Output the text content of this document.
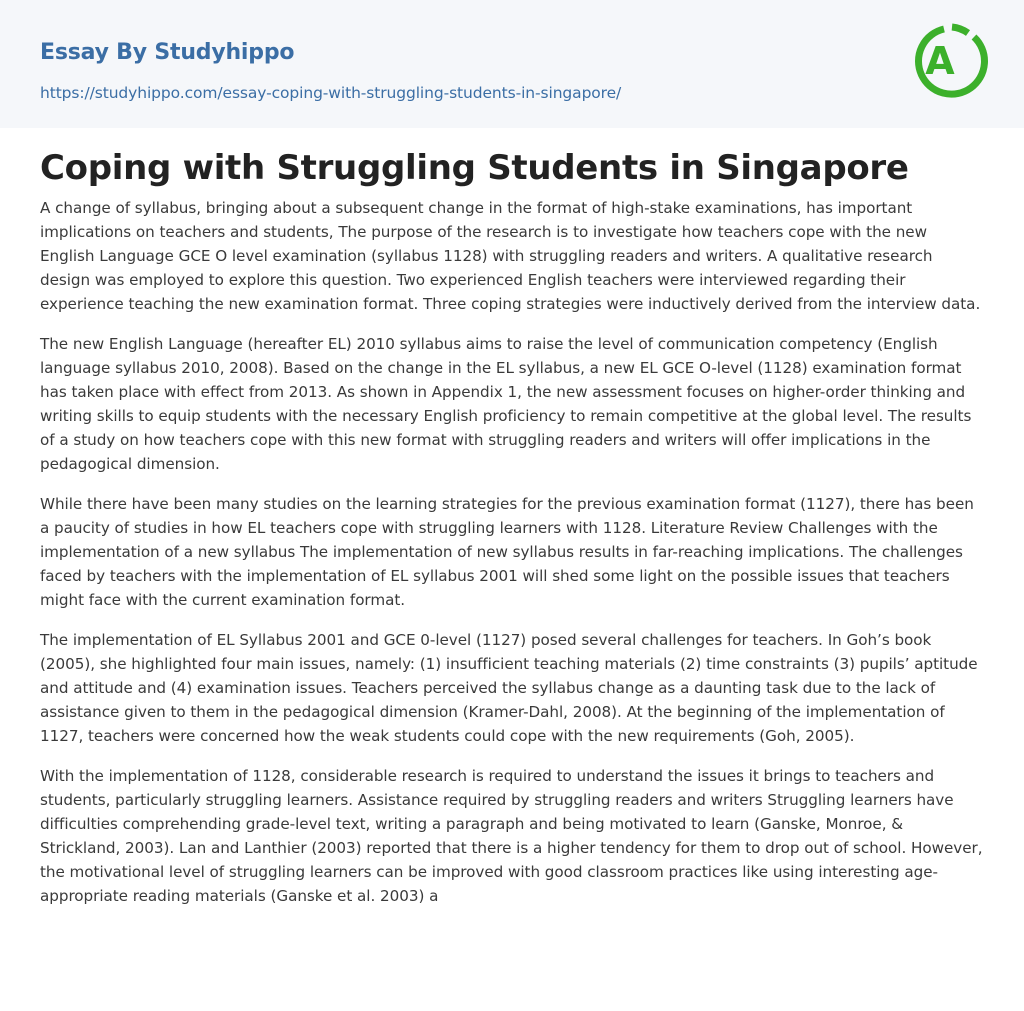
Essay By Studyhippo
https://studyhippo.com/essay-coping-with-struggling-students-in-singapore/
A
Coping with Struggling Students in Singapore

A change of syllabus, bringing about a subsequent change in the format of high-stake examinations, has important implications on teachers and students, The purpose of the research is to investigate how teachers cope with the new English Language GCE O level examination (syllabus 1128) with struggling readers and writers. A qualitative research design was employed to explore this question. Two experienced English teachers were interviewed regarding their experience teaching the new examination format. Three coping strategies were inductively derived from the interview data.

The new English Language (hereafter EL) 2010 syllabus aims to raise the level of communication competency (English language syllabus 2010, 2008). Based on the change in the EL syllabus, a new EL GCE O-level (1128) examination format has taken place with effect from 2013. As shown in Appendix 1, the new assessment focuses on higher-order thinking and writing skills to equip students with the necessary English proficiency to remain competitive at the global level. The results of a study on how teachers cope with this new format with struggling readers and writers will offer implications in the pedagogical dimension.

While there have been many studies on the learning strategies for the previous examination format (1127), there has been a paucity of studies in how EL teachers cope with struggling learners with 1128. Literature Review Challenges with the implementation of a new syllabus The implementation of new syllabus results in far-reaching implications. The challenges faced by teachers with the implementation of EL syllabus 2001 will shed some light on the possible issues that teachers might face with the current examination format.

The implementation of EL Syllabus 2001 and GCE 0-level (1127) posed several challenges for teachers. In Goh’s book (2005), she highlighted four main issues, namely: (1) insufficient teaching materials (2) time constraints (3) pupils’ aptitude and attitude and (4) examination issues. Teachers perceived the syllabus change as a daunting task due to the lack of assistance given to them in the pedagogical dimension (Kramer-Dahl, 2008). At the beginning of the implementation of 1127, teachers were concerned how the weak students could cope with the new requirements (Goh, 2005).

With the implementation of 1128, considerable research is required to understand the issues it brings to teachers and students, particularly struggling learners. Assistance required by struggling readers and writers Struggling learners have difficulties comprehending grade-level text, writing a paragraph and being motivated to learn (Ganske, Monroe, & Strickland, 2003). Lan and Lanthier (2003) reported that there is a higher tendency for them to drop out of school. However, the motivational level of struggling learners can be improved with good classroom practices like using interesting age-appropriate reading materials (Ganske et al. 2003) a
